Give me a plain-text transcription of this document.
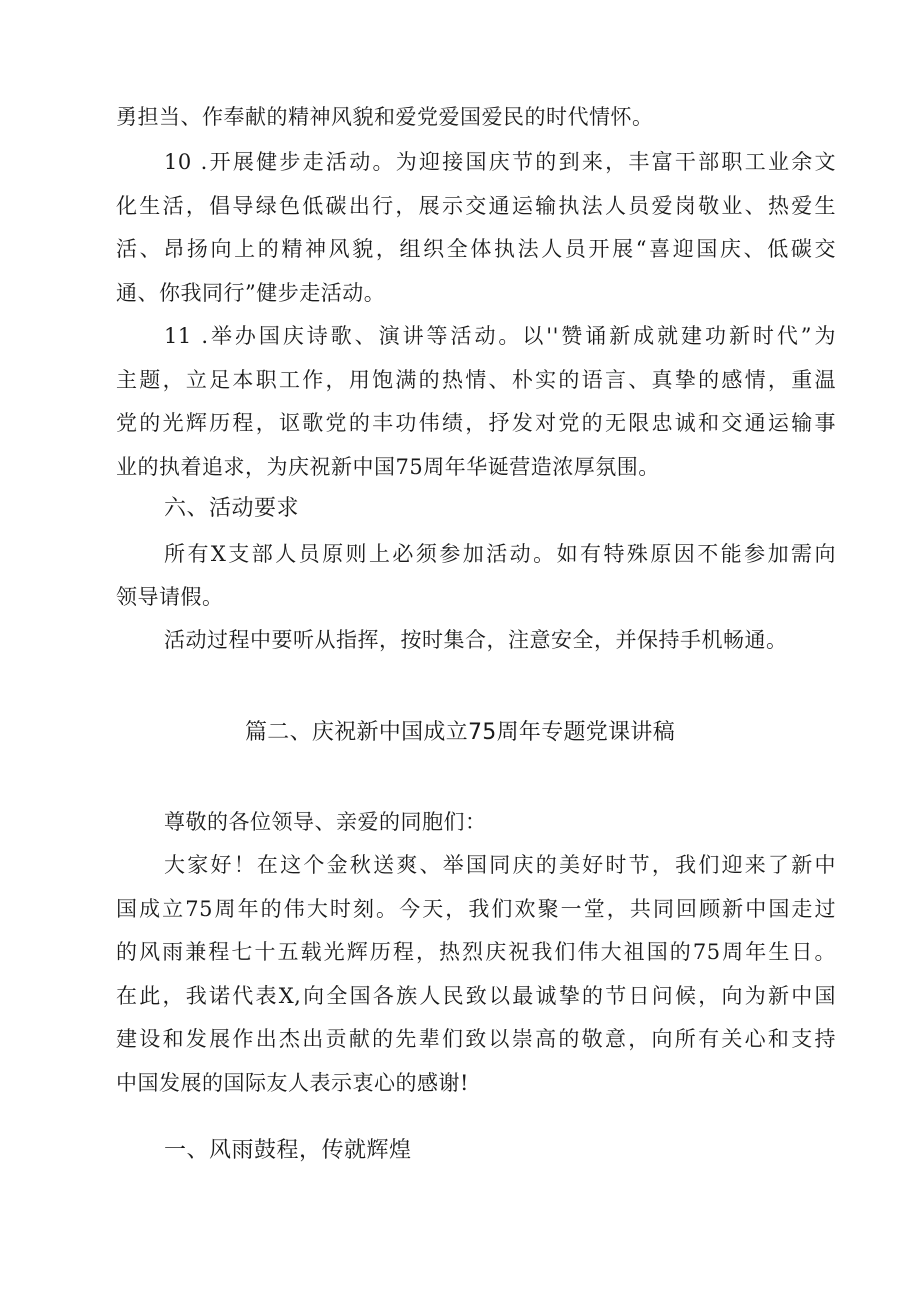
勇担当、作奉献的精神风貌和爱党爱国爱民的时代情怀。
10 .开展健步走活动。为迎接国庆节的到来，丰富干部职工业余文
化生活，倡导绿色低碳出行，展示交通运输执法人员爱岗敬业、热爱生
活、昂扬向上的精神风貌，组织全体执法人员开展“喜迎国庆、低碳交
通、你我同行”健步走活动。
11 .举办国庆诗歌、演讲等活动。以''赞诵新成就建功新时代”为
主题，立足本职工作，用饱满的热情、朴实的语言、真挚的感情，重温
党的光辉历程，讴歌党的丰功伟绩，抒发对党的无限忠诚和交通运输事
业的执着追求，为庆祝新中国75周年华诞营造浓厚氛围。
六、活动要求
所有X支部人员原则上必须参加活动。如有特殊原因不能参加需向
领导请假。
活动过程中要听从指挥，按时集合，注意安全，并保持手机畅通。
篇二、庆祝新中国成立75周年专题党课讲稿
尊敬的各位领导、亲爱的同胞们：
大家好！在这个金秋送爽、举国同庆的美好时节，我们迎来了新中
国成立75周年的伟大时刻。今天，我们欢聚一堂，共同回顾新中国走过
的风雨兼程七十五载光辉历程，热烈庆祝我们伟大祖国的75周年生日。
在此，我诺代表X,向全国各族人民致以最诚挚的节日问候，向为新中国
建设和发展作出杰出贡献的先辈们致以崇高的敬意，向所有关心和支持
中国发展的国际友人表示衷心的感谢!
一、风雨鼓程，传就辉煌
